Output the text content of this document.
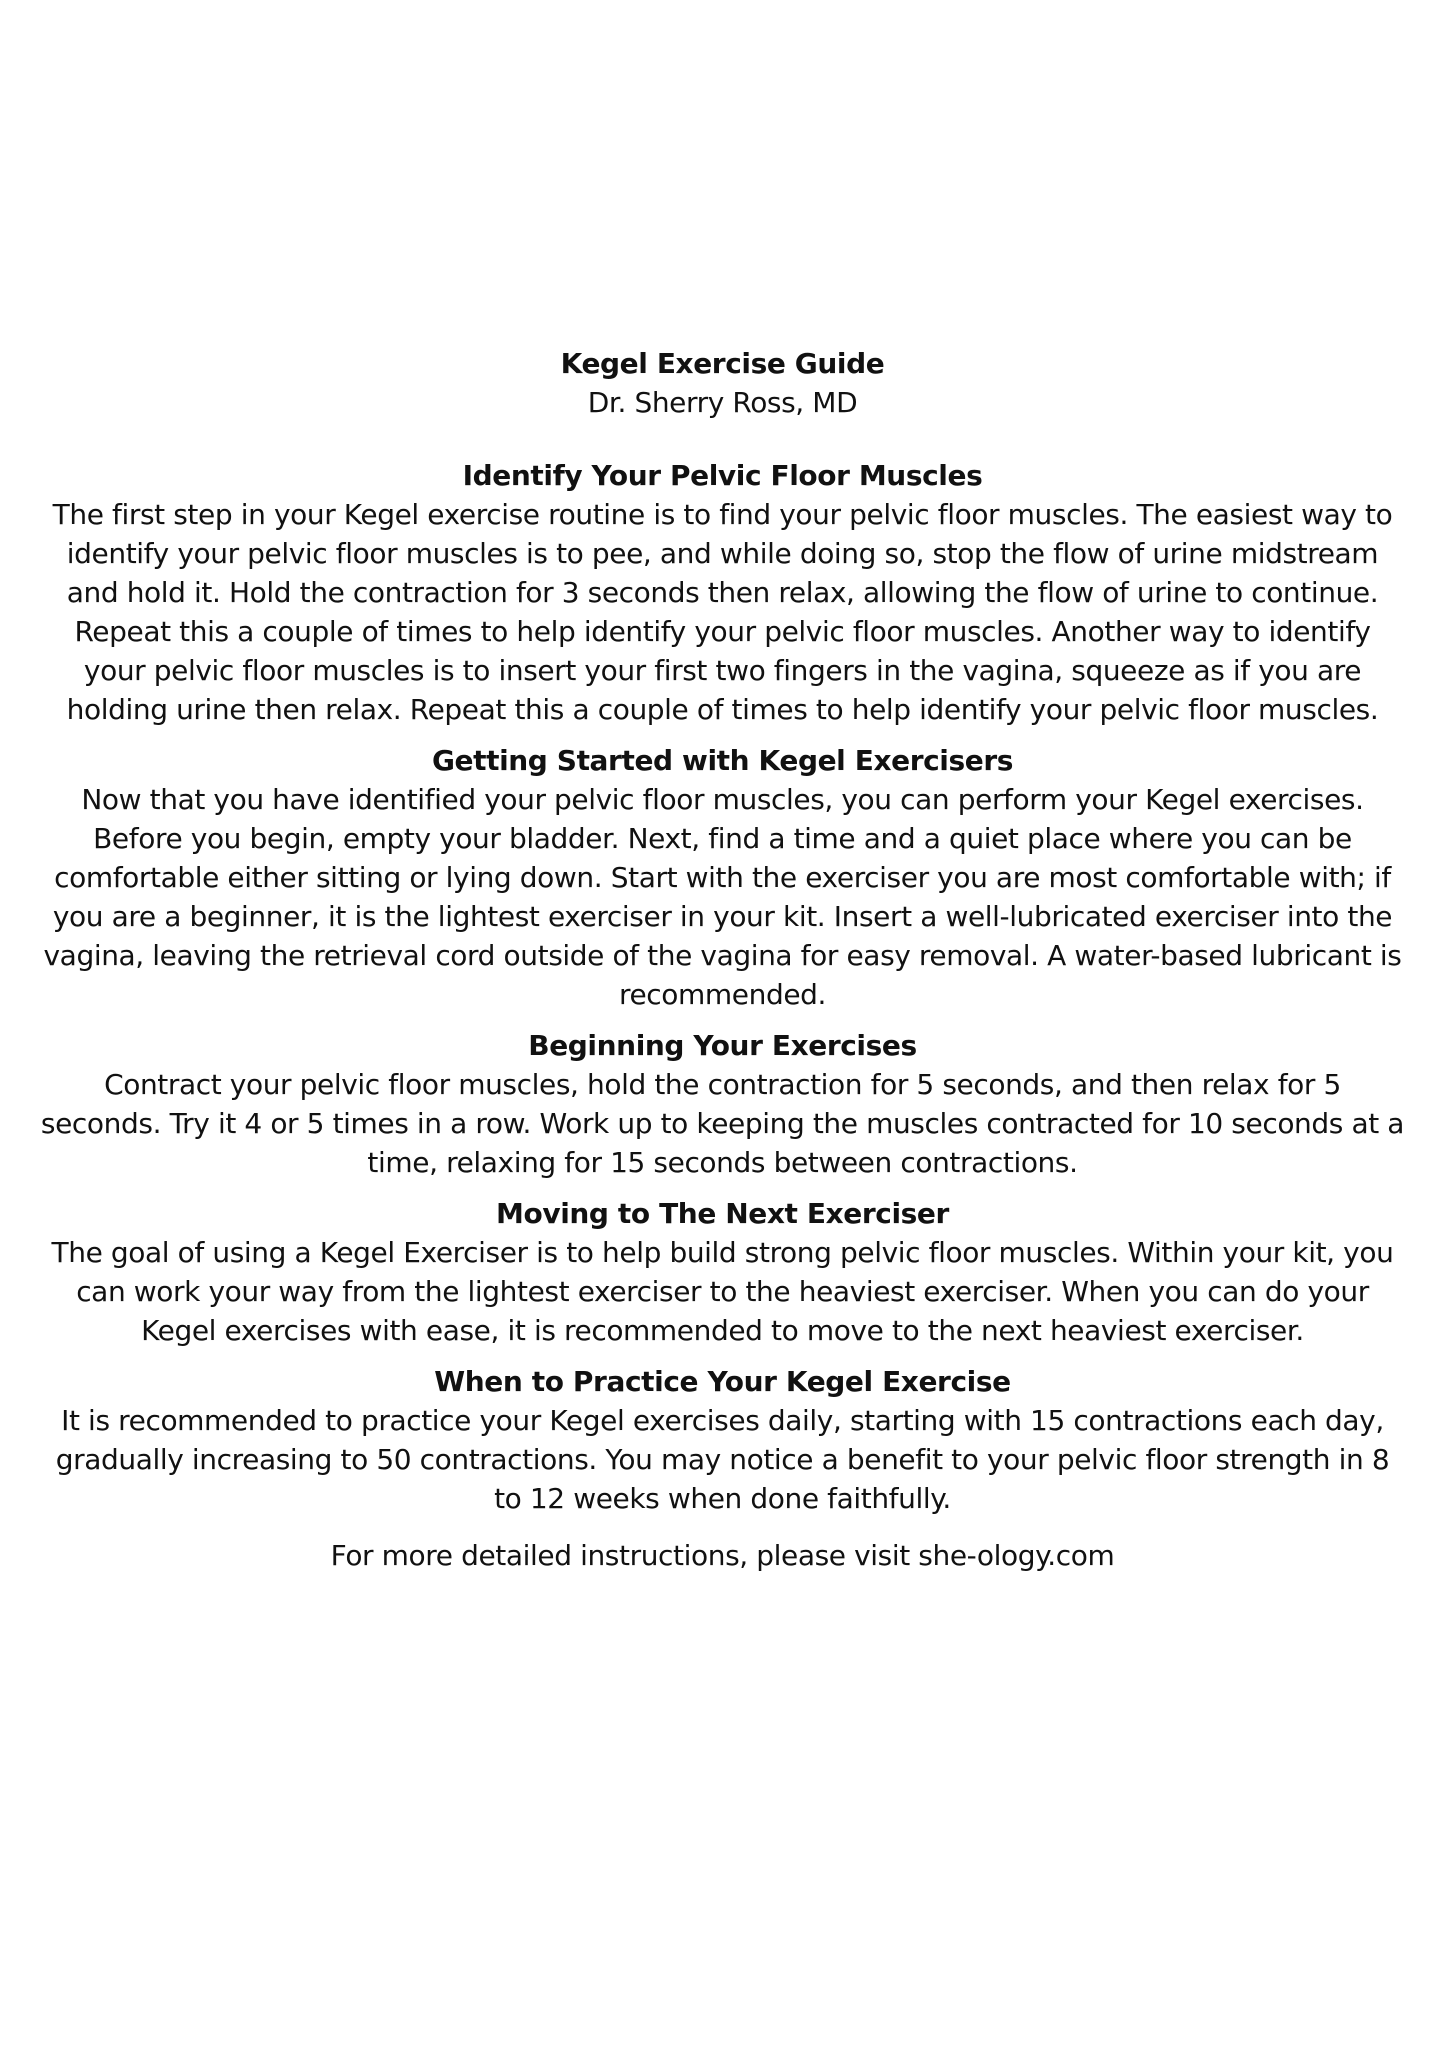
Kegel Exercise Guide

Dr. Sherry Ross, MD

Identify Your Pelvic Floor Muscles

The first step in your Kegel exercise routine is to find your pelvic floor muscles. The easiest way to identify your pelvic floor muscles is to pee, and while doing so, stop the flow of urine midstream and hold it. Hold the contraction for 3 seconds then relax, allowing the flow of urine to continue. Repeat this a couple of times to help identify your pelvic floor muscles. Another way to identify your pelvic floor muscles is to insert your first two fingers in the vagina, squeeze as if you are holding urine then relax. Repeat this a couple of times to help identify your pelvic floor muscles.

Getting Started with Kegel Exercisers

Now that you have identified your pelvic floor muscles, you can perform your Kegel exercises. Before you begin, empty your bladder. Next, find a time and a quiet place where you can be comfortable either sitting or lying down. Start with the exerciser you are most comfortable with; if you are a beginner, it is the lightest exerciser in your kit. Insert a well-lubricated exerciser into the vagina, leaving the retrieval cord outside of the vagina for easy removal. A water-based lubricant is recommended.

Beginning Your Exercises

Contract your pelvic floor muscles, hold the contraction for 5 seconds, and then relax for 5 seconds. Try it 4 or 5 times in a row. Work up to keeping the muscles contracted for 10 seconds at a time, relaxing for 15 seconds between contractions.

Moving to The Next Exerciser

The goal of using a Kegel Exerciser is to help build strong pelvic floor muscles. Within your kit, you can work your way from the lightest exerciser to the heaviest exerciser. When you can do your Kegel exercises with ease, it is recommended to move to the next heaviest exerciser.

When to Practice Your Kegel Exercise

It is recommended to practice your Kegel exercises daily, starting with 15 contractions each day, gradually increasing to 50 contractions. You may notice a benefit to your pelvic floor strength in 8 to 12 weeks when done faithfully.

For more detailed instructions, please visit she-ology.com
